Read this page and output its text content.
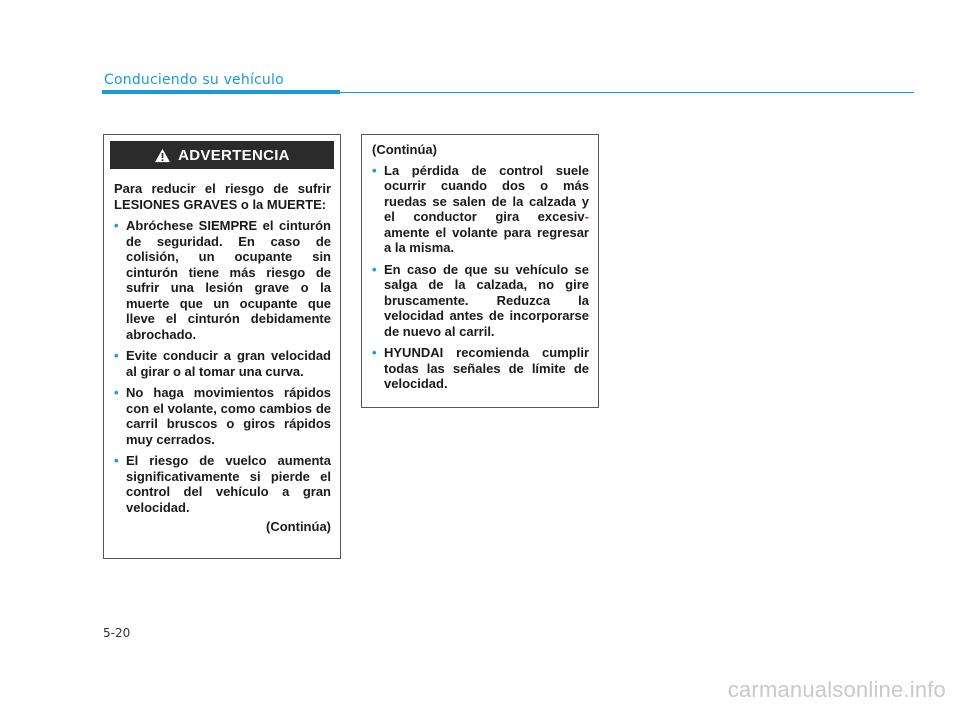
Conduciendo su vehículo
ADVERTENCIA

Para reducir el riesgo de sufrir LESIONES GRAVES o la MUERTE:

• Abróchese SIEMPRE el cinturón de seguridad. En caso de colisión, un ocupante sin cinturón tiene más riesgo de sufrir una lesión grave o la muerte que un ocupante que lleve el cinturón debidamente abrochado.
• Evite conducir a gran velocidad al girar o al tomar una curva.
• No haga movimientos rápidos con el volante, como cambios de carril bruscos o giros rápidos muy cerrados.
• El riesgo de vuelco aumenta significativamente si pierde el control del vehículo a gran velocidad.
(Continúa)

(Continúa)

• La pérdida de control suele ocurrir cuando dos o más ruedas se salen de la calzada y el conductor gira excesiv-amente el volante para regresar a la misma.
• En caso de que su vehículo se salga de la calzada, no gire bruscamente. Reduzca la velocidad antes de incorporarse de nuevo al carril.
• HYUNDAI recomienda cumplir todas las señales de límite de velocidad.
5-20
carmanualsonline.info
